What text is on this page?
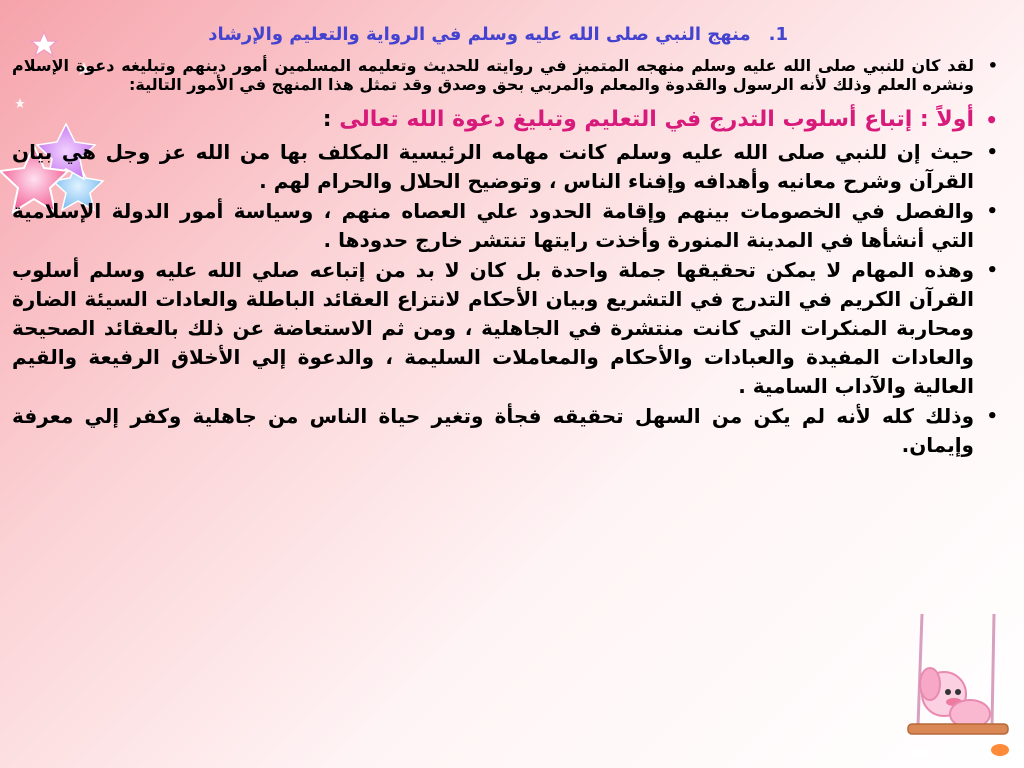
1.منهج النبي صلى الله عليه وسلم في الرواية والتعليم والإرشاد

•
لقد كان للنبي صلى الله عليه وسلم منهجه المتميز في روايته للحديث وتعليمه المسلمين أمور دينهم وتبليغه دعوة الإسلام ونشره العلم وذلك لأنه الرسول والقدوة والمعلم والمربي بحق وصدق وقد تمثل هذا المنهج في الأمور التالية:

•
أولاً : إتباع أسلوب التدرج في التعليم وتبليغ دعوة الله تعالى :

•
حيث إن للنبي صلى الله عليه وسلم كانت مهامه الرئيسية المكلف بها من الله عز وجل هي بيان القرآن وشرح معانيه وأهدافه وإفناء الناس ، وتوضيح الحلال والحرام لهم .

•
والفصل في الخصومات بينهم وإقامة الحدود علي العصاه منهم ، وسياسة أمور الدولة الإسلامية التي أنشأها في المدينة المنورة وأخذت رايتها تنتشر خارج حدودها .

•
وهذه المهام لا يمكن تحقيقها جملة واحدة بل كان لا بد من إتباعه صلي الله عليه وسلم أسلوب القرآن الكريم في التدرج في التشريع وبيان الأحكام لانتزاع العقائد الباطلة والعادات السيئة الضارة ومحاربة المنكرات التي كانت منتشرة في الجاهلية ، ومن ثم الاستعاضة عن ذلك بالعقائد الصحيحة والعادات المفيدة والعبادات والأحكام والمعاملات السليمة ، والدعوة إلي الأخلاق الرفيعة والقيم العالية والآداب السامية .

•
وذلك كله لأنه لم يكن من السهل تحقيقه فجأة وتغير حياة الناس من جاهلية وكفر إلي معرفة وإيمان.
